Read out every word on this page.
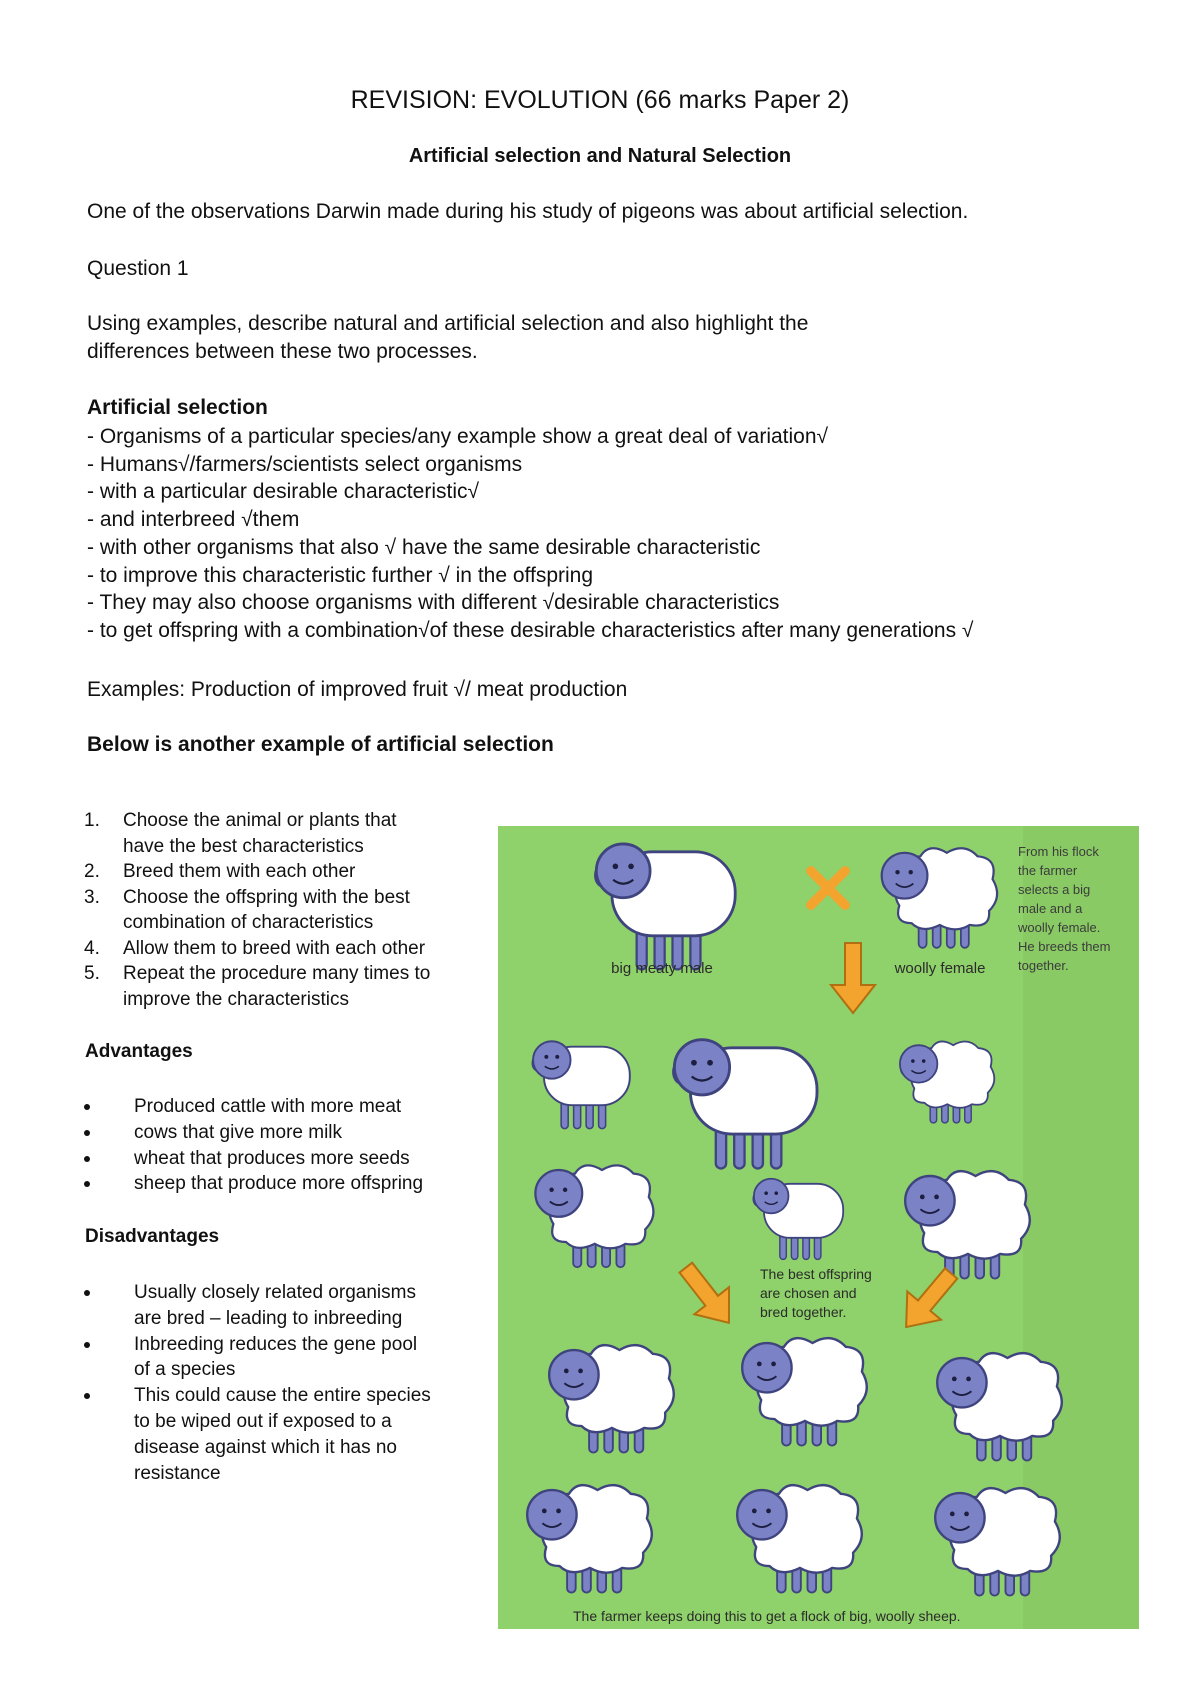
REVISION: EVOLUTION (66 marks Paper 2)
Artificial selection and Natural Selection
One of the observations Darwin made during his study of pigeons was about artificial selection.
Question 1
Using examples, describe natural and artificial selection and also highlight the
differences between these two processes.
Artificial selection
- Organisms of a particular species/any example show a great deal of variation√
- Humans√/farmers/scientists select organisms
- with a particular desirable characteristic√
- and interbreed √them
- with other organisms that also √ have the same desirable characteristic
- to improve this characteristic further √ in the offspring
- They may also choose organisms with different √desirable characteristics
- to get offspring with a combination√of these desirable characteristics after many generations √
Examples: Production of improved fruit √/ meat production
Below is another example of artificial selection
1. Choose the animal or plants that
have the best characteristics
2. Breed them with each other
3. Choose the offspring with the best
combination of characteristics
4. Allow them to breed with each other
5. Repeat the procedure many times to
improve the characteristics
Advantages
Produced cattle with more meat
cows that give more milk
wheat that produces more seeds
sheep that produce more offspring
Disadvantages
Usually closely related organisms
are bred – leading to inbreeding
Inbreeding reduces the gene pool
of a species
This could cause the entire species
to be wiped out if exposed to a
disease against which it has no
resistance
big meaty male	woolly female
From his flock the farmer selects a big male and a woolly female. He breeds them together.
The best offspring are chosen and bred together.
The farmer keeps doing this to get a flock of big, woolly sheep.
